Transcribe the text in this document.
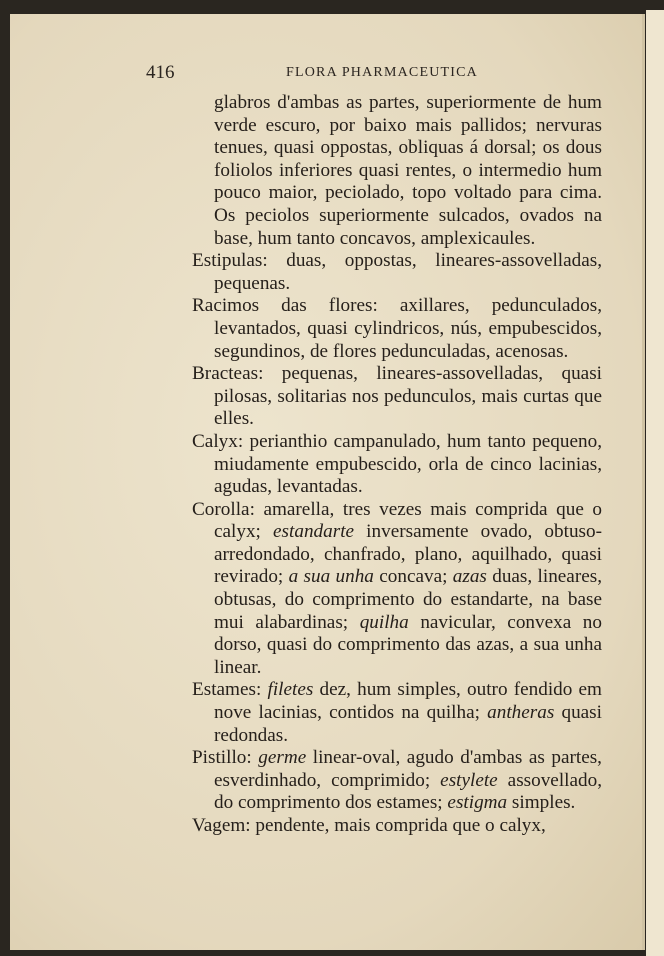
416	FLORA PHARMACEUTICA

glabros d'ambas as partes, superiormente de hum verde escuro, por baixo mais pallidos; nervuras tenues, quasi oppostas, obliquas á dorsal; os dous foliolos inferiores quasi rentes, o intermedio hum pouco maior, peciolado, topo voltado para cima. Os peciolos superiormente sulcados, ovados na base, hum tanto concavos, amplexicaules.

Estipulas: duas, oppostas, lineares-assovelladas, pequenas.

Racimos das flores: axillares, pedunculados, levantados, quasi cylindricos, nús, empubescidos, segundinos, de flores pedunculadas, acenosas.

Bracteas: pequenas, lineares-assovelladas, quasi pilosas, solitarias nos pedunculos, mais curtas que elles.

Calyx: perianthio campanulado, hum tanto pequeno, miudamente empubescido, orla de cinco lacinias, agudas, levantadas.

Corolla: amarella, tres vezes mais comprida que o calyx; estandarte inversamente ovado, obtuso-arredondado, chanfrado, plano, aquilhado, quasi revirado; a sua unha concava; azas duas, lineares, obtusas, do comprimento do estandarte, na base mui alabardinas; quilha navicular, convexa no dorso, quasi do comprimento das azas, a sua unha linear.

Estames: filetes dez, hum simples, outro fendido em nove lacinias, contidos na quilha; antheras quasi redondas.

Pistillo: germe linear-oval, agudo d'ambas as partes, esverdinhado, comprimido; estylete assovellado, do comprimento dos estames; estigma simples.

Vagem: pendente, mais comprida que o calyx,
